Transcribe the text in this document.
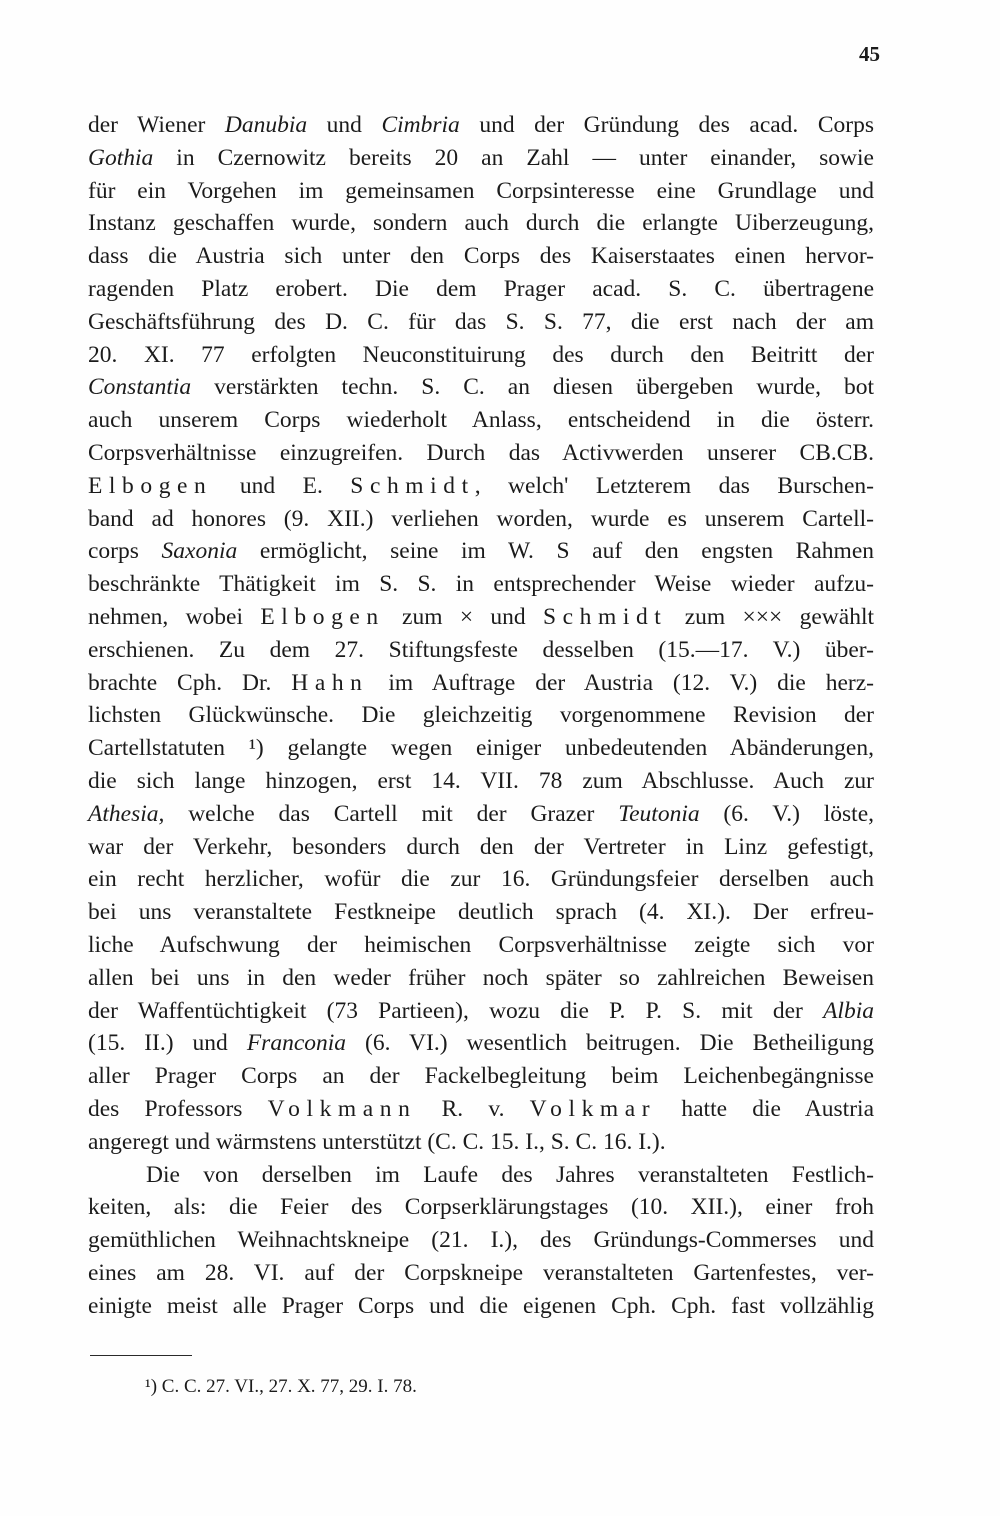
45
der Wiener Danubia und Cimbria und der Gründung des acad. Corps
Gothia in Czernowitz bereits 20 an Zahl — unter einander, sowie
für ein Vorgehen im gemeinsamen Corpsinteresse eine Grundlage und
Instanz geschaffen wurde, sondern auch durch die erlangte Uiberzeugung,
dass die Austria sich unter den Corps des Kaiserstaates einen hervor-
ragenden Platz erobert. Die dem Prager acad. S. C. übertragene
Geschäftsführung des D. C. für das S. S. 77, die erst nach der am
20. XI. 77 erfolgten Neuconstituirung des durch den Beitritt der
Constantia verstärkten techn. S. C. an diesen übergeben wurde, bot
auch unserem Corps wiederholt Anlass, entscheidend in die österr.
Corpsverhältnisse einzugreifen. Durch das Activwerden unserer CB.CB.
Elbogen und E. Schmidt, welch' Letzterem das Burschen-
band ad honores (9. XII.) verliehen worden, wurde es unserem Cartell-
corps Saxonia ermöglicht, seine im W. S auf den engsten Rahmen
beschränkte Thätigkeit im S. S. in entsprechender Weise wieder aufzu-
nehmen, wobei Elbogen zum × und Schmidt zum ××× gewählt
erschienen. Zu dem 27. Stiftungsfeste desselben (15.—17. V.) über-
brachte Cph. Dr. Hahn im Auftrage der Austria (12. V.) die herz-
lichsten Glückwünsche. Die gleichzeitig vorgenommene Revision der
Cartellstatuten ¹) gelangte wegen einiger unbedeutenden Abänderungen,
die sich lange hinzogen, erst 14. VII. 78 zum Abschlusse. Auch zur
Athesia, welche das Cartell mit der Grazer Teutonia (6. V.) löste,
war der Verkehr, besonders durch den der Vertreter in Linz gefestigt,
ein recht herzlicher, wofür die zur 16. Gründungsfeier derselben auch
bei uns veranstaltete Festkneipe deutlich sprach (4. XI.). Der erfreu-
liche Aufschwung der heimischen Corpsverhältnisse zeigte sich vor
allen bei uns in den weder früher noch später so zahlreichen Beweisen
der Waffentüchtigkeit (73 Partieen), wozu die P. P. S. mit der Albia
(15. II.) und Franconia (6. VI.) wesentlich beitrugen. Die Betheiligung
aller Prager Corps an der Fackelbegleitung beim Leichenbegängnisse
des Professors Volkmann R. v. Volkmar hatte die Austria
angeregt und wärmstens unterstützt (C. C. 15. I., S. C. 16. I.).
Die von derselben im Laufe des Jahres veranstalteten Festlich-
keiten, als: die Feier des Corpserklärungstages (10. XII.), einer froh
gemüthlichen Weihnachtskneipe (21. I.), des Gründungs-Commerses und
eines am 28. VI. auf der Corpskneipe veranstalteten Gartenfestes, ver-
einigte meist alle Prager Corps und die eigenen Cph. Cph. fast vollzählig
¹) C. C. 27. VI., 27. X. 77, 29. I. 78.
